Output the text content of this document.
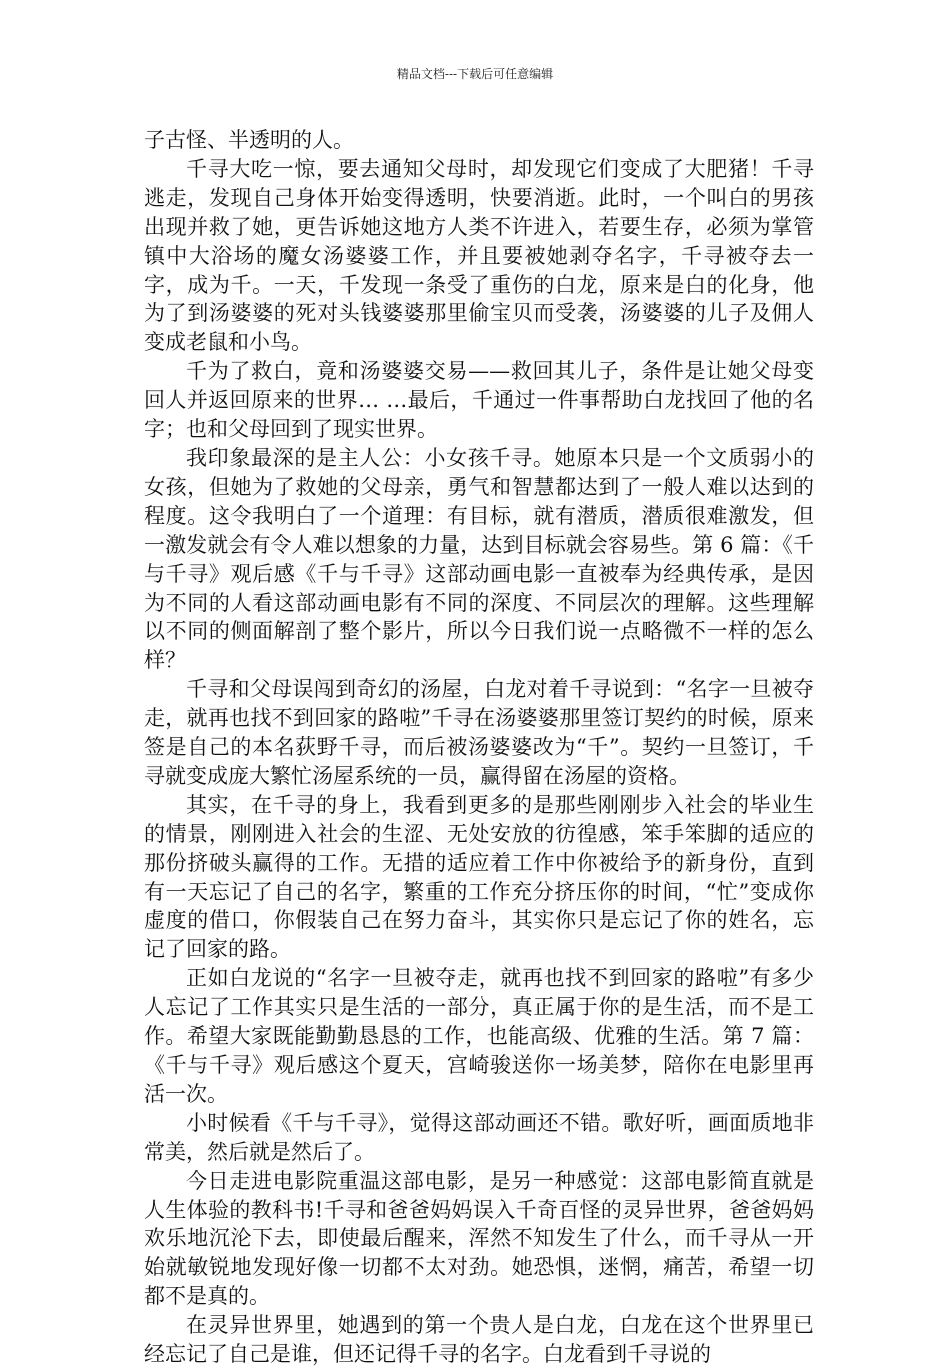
精品文档---下载后可任意编辑

子古怪、半透明的人。

千寻大吃一惊，要去通知父母时，却发现它们变成了大肥猪！千寻逃走，发现自己身体开始变得透明，快要消逝。此时，一个叫白的男孩出现并救了她，更告诉她这地方人类不许进入，若要生存，必须为掌管镇中大浴场的魔女汤婆婆工作，并且要被她剥夺名字，千寻被夺去一字，成为千。一天，千发现一条受了重伤的白龙，原来是白的化身，他为了到汤婆婆的死对头钱婆婆那里偷宝贝而受袭，汤婆婆的儿子及佣人变成老鼠和小鸟。

千为了救白，竟和汤婆婆交易——救回其儿子，条件是让她父母变回人并返回原来的世界… …最后，千通过一件事帮助白龙找回了他的名字；也和父母回到了现实世界。

我印象最深的是主人公：小女孩千寻。她原本只是一个文质弱小的女孩，但她为了救她的父母亲，勇气和智慧都达到了一般人难以达到的程度。这令我明白了一个道理：有目标，就有潜质，潜质很难激发，但一激发就会有令人难以想象的力量，达到目标就会容易些。第 6 篇：《千与千寻》观后感《千与千寻》这部动画电影一直被奉为经典传承，是因为不同的人看这部动画电影有不同的深度、不同层次的理解。这些理解以不同的侧面解剖了整个影片，所以今日我们说一点略微不一样的怎么样？

千寻和父母误闯到奇幻的汤屋，白龙对着千寻说到：“名字一旦被夺走，就再也找不到回家的路啦”千寻在汤婆婆那里签订契约的时候，原来签是自己的本名荻野千寻，而后被汤婆婆改为“千”。契约一旦签订，千寻就变成庞大繁忙汤屋系统的一员，赢得留在汤屋的资格。

其实，在千寻的身上，我看到更多的是那些刚刚步入社会的毕业生的情景，刚刚进入社会的生涩、无处安放的彷徨感，笨手笨脚的适应的那份挤破头赢得的工作。无措的适应着工作中你被给予的新身份，直到有一天忘记了自己的名字，繁重的工作充分挤压你的时间，“忙”变成你虚度的借口，你假装自己在努力奋斗，其实你只是忘记了你的姓名，忘记了回家的路。

正如白龙说的“名字一旦被夺走，就再也找不到回家的路啦”有多少人忘记了工作其实只是生活的一部分，真正属于你的是生活，而不是工作。希望大家既能勤勤恳恳的工作，也能高级、优雅的生活。第 7 篇：《千与千寻》观后感这个夏天，宫崎骏送你一场美梦，陪你在电影里再活一次。

小时候看《千与千寻》，觉得这部动画还不错。歌好听，画面质地非常美，然后就是然后了。

今日走进电影院重温这部电影，是另一种感觉：这部电影简直就是人生体验的教科书!千寻和爸爸妈妈误入千奇百怪的灵异世界，爸爸妈妈欢乐地沉沦下去，即使最后醒来，浑然不知发生了什么，而千寻从一开始就敏锐地发现好像一切都不太对劲。她恐惧，迷惘，痛苦，希望一切都不是真的。

在灵异世界里，她遇到的第一个贵人是白龙，白龙在这个世界里已经忘记了自己是谁，但还记得千寻的名字。白龙看到千寻说的
